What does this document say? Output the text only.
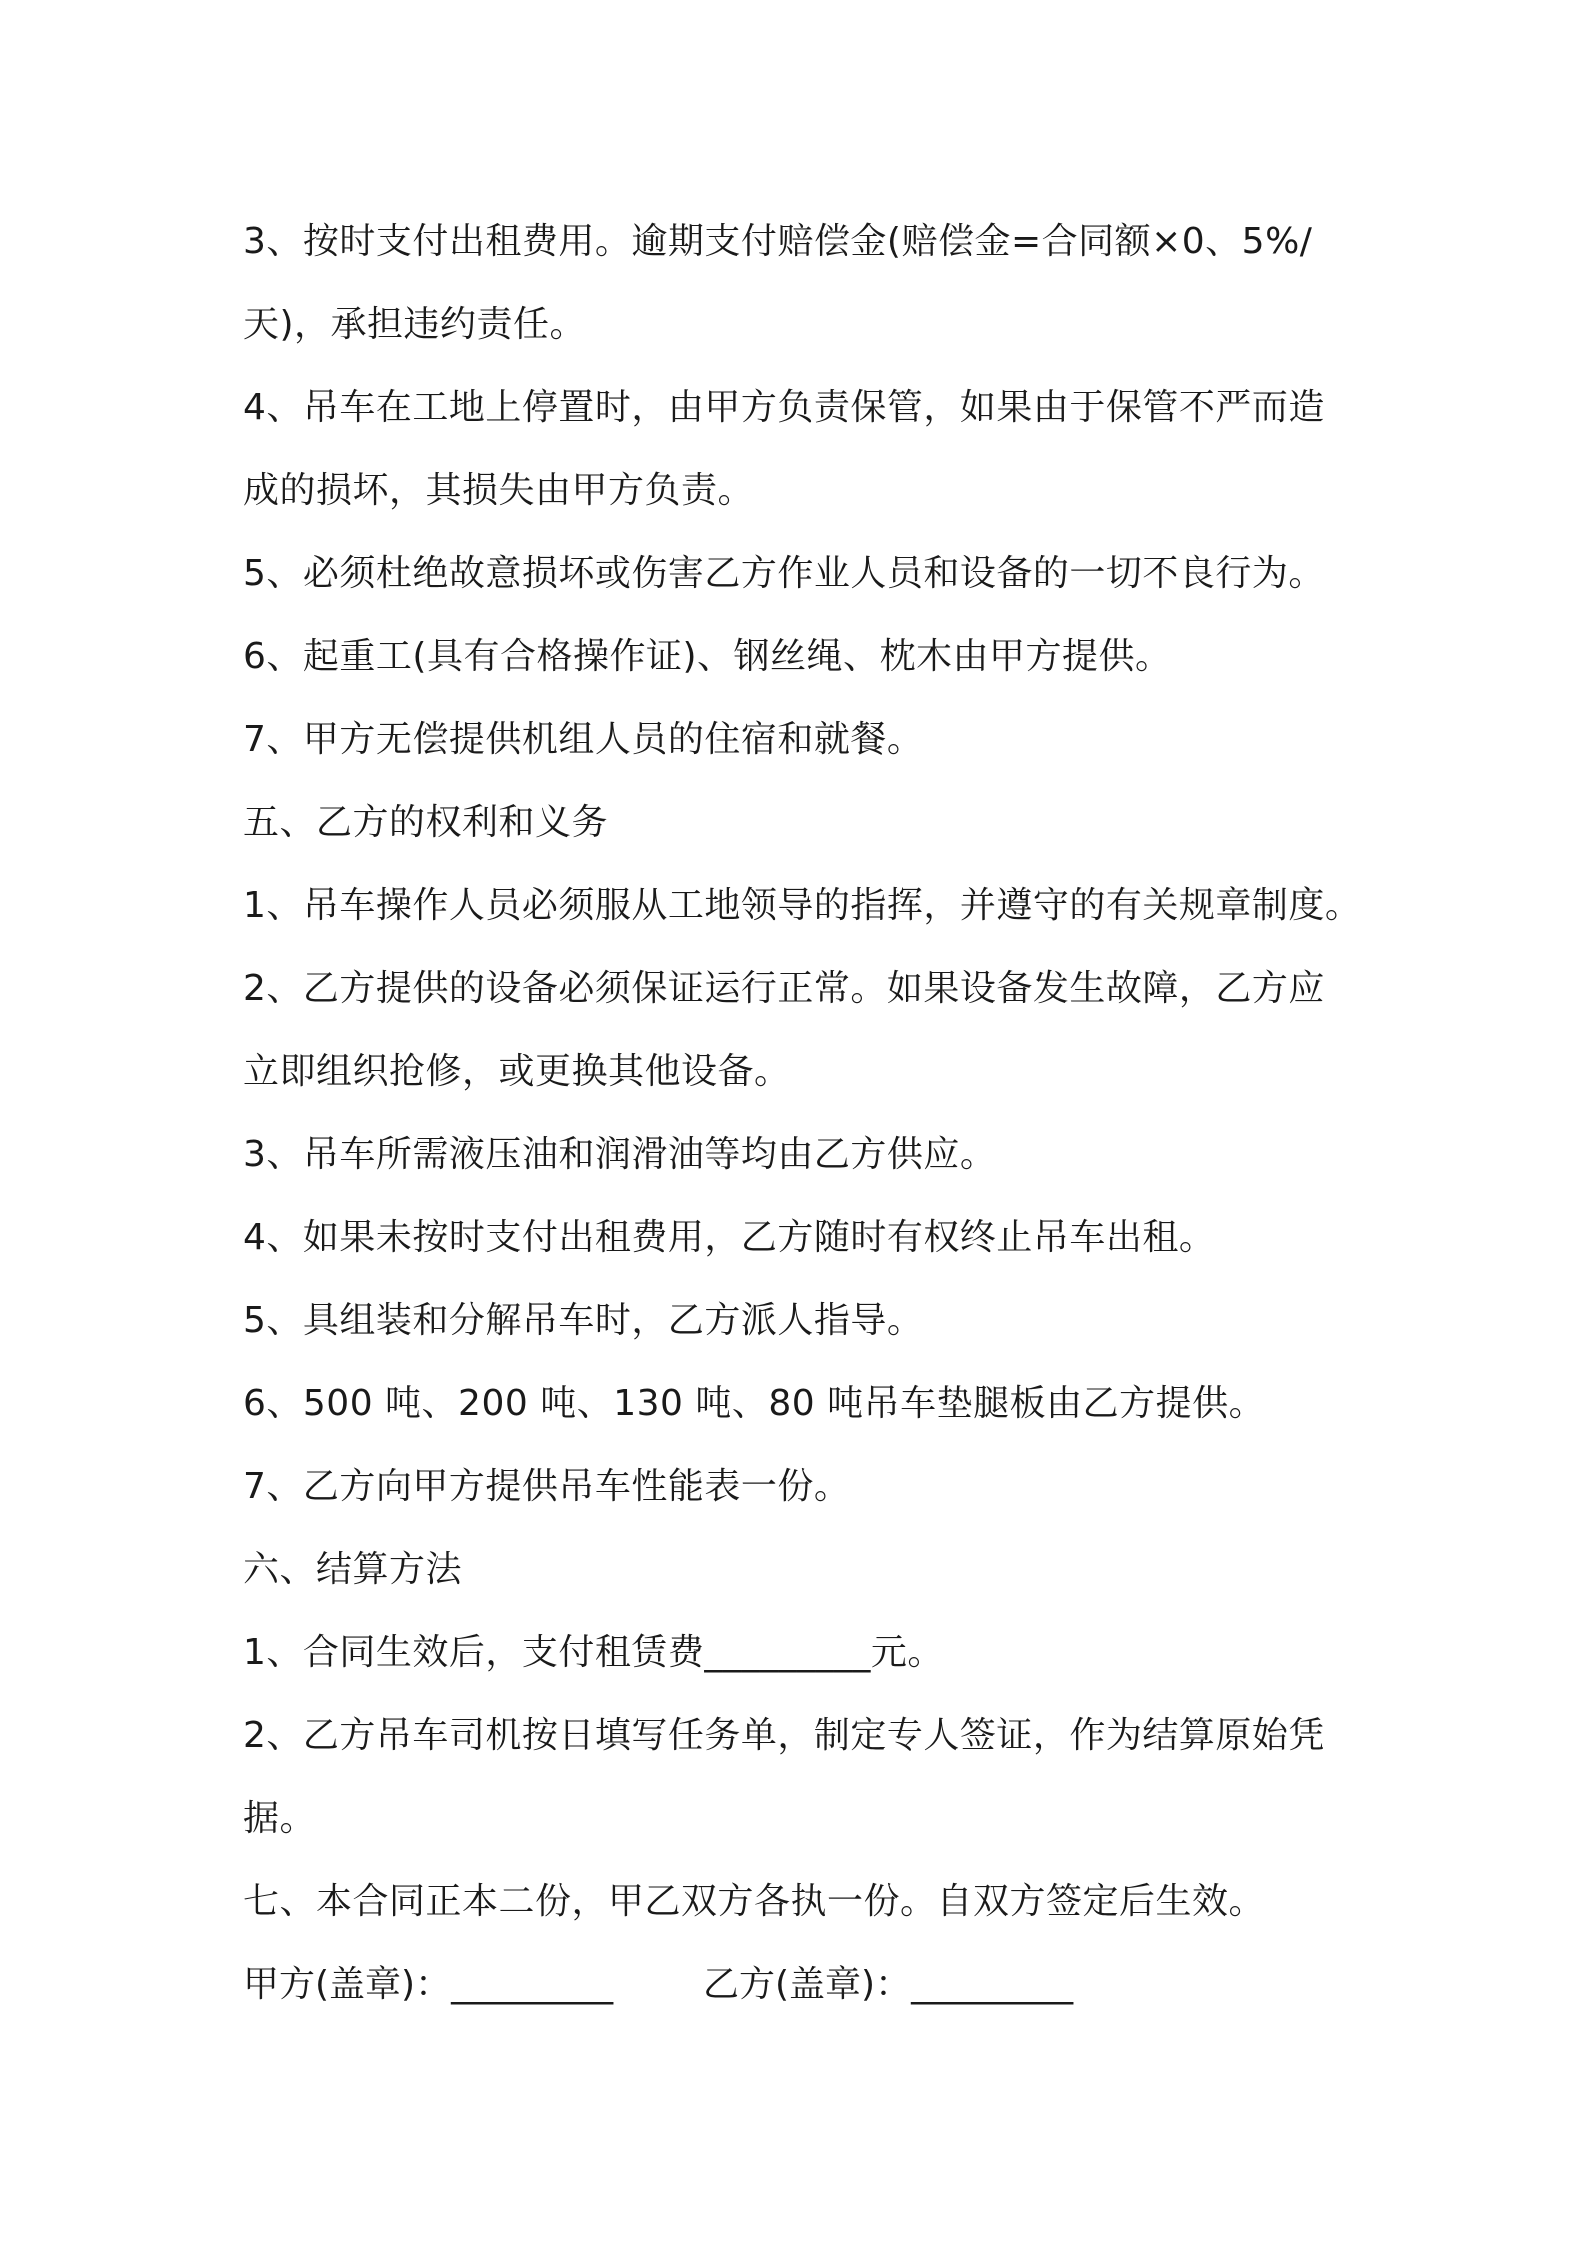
3、按时支付出租费用。逾期支付赔偿金(赔偿金=合同额×0、5%/
天)，承担违约责任。
4、吊车在工地上停置时，由甲方负责保管，如果由于保管不严而造
成的损坏，其损失由甲方负责。
5、必须杜绝故意损坏或伤害乙方作业人员和设备的一切不良行为。
6、起重工(具有合格操作证)、钢丝绳、枕木由甲方提供。
7、甲方无偿提供机组人员的住宿和就餐。
五、乙方的权利和义务
1、吊车操作人员必须服从工地领导的指挥，并遵守的有关规章制度。
2、乙方提供的设备必须保证运行正常。如果设备发生故障，乙方应
立即组织抢修，或更换其他设备。
3、吊车所需液压油和润滑油等均由乙方供应。
4、如果未按时支付出租费用，乙方随时有权终止吊车出租。
5、具组装和分解吊车时，乙方派人指导。
6、500 吨、200 吨、130 吨、80 吨吊车垫腿板由乙方提供。
7、乙方向甲方提供吊车性能表一份。
六、结算方法
1、合同生效后，支付租赁费_________元。
2、乙方吊车司机按日填写任务单，制定专人签证，作为结算原始凭
据。
七、本合同正本二份，甲乙双方各执一份。自双方签定后生效。
甲方(盖章)：_________	乙方(盖章)：_________
